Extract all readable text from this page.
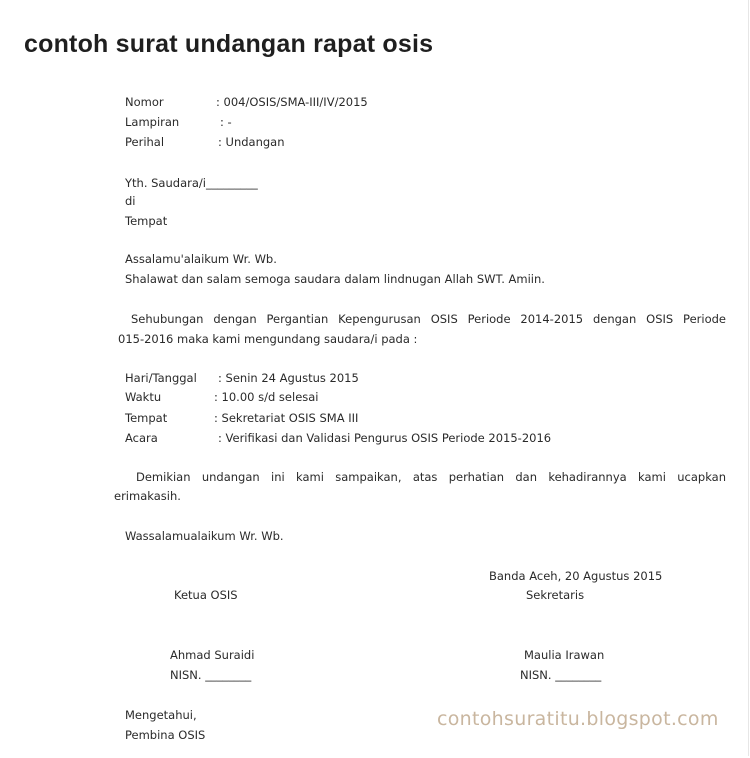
contoh surat undangan rapat osis
Nomor	: 004/OSIS/SMA-III/IV/2015
Lampiran	: -
Perihal	: Undangan
Yth. Saudara/i_________
di
Tempat
Assalamu'alaikum Wr. Wb.
Shalawat dan salam semoga saudara dalam lindnugan Allah SWT. Amiin.
Sehubungan dengan Pergantian Kepengurusan OSIS Periode 2014-2015 dengan OSIS Periode
015-2016 maka kami mengundang saudara/i pada :
Hari/Tanggal : Senin 24 Agustus 2015
Waktu	: 10.00 s/d selesai
Tempat	: Sekretariat OSIS SMA III
Acara	: Verifikasi dan Validasi Pengurus OSIS Periode 2015-2016
Demikian undangan ini kami sampaikan, atas perhatian dan kehadirannya kami ucapkan
erimakasih.
Wassalamualaikum Wr. Wb.
Banda Aceh, 20 Agustus 2015
Ketua OSIS	Sekretaris
Ahmad Suraidi	Maulia Irawan
NISN. ________	NISN. ________
Mengetahui,
Pembina OSIS
contohsuratitu.blogspot.com
